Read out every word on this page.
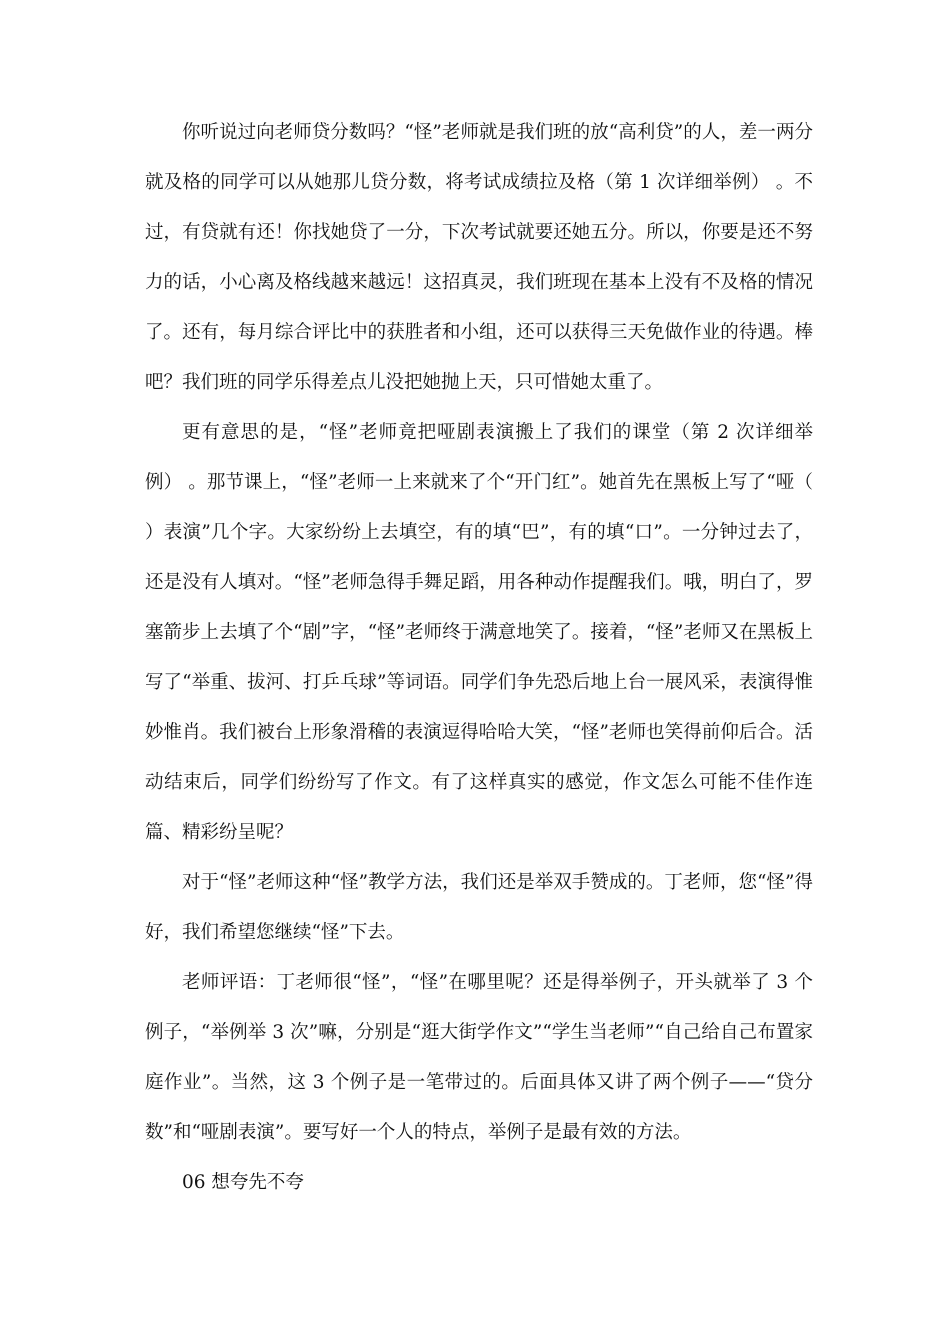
你听说过向老师贷分数吗？“怪”老师就是我们班的放“高利贷”的人，差一两分就及格的同学可以从她那儿贷分数，将考试成绩拉及格（第 1 次详细举例） 。不过，有贷就有还！你找她贷了一分，下次考试就要还她五分。所以，你要是还不努力的话，小心离及格线越来越远！这招真灵，我们班现在基本上没有不及格的情况了。还有，每月综合评比中的获胜者和小组，还可以获得三天免做作业的待遇。棒吧？我们班的同学乐得差点儿没把她抛上天，只可惜她太重了。

更有意思的是，“怪”老师竟把哑剧表演搬上了我们的课堂（第 2 次详细举例） 。那节课上，“怪”老师一上来就来了个“开门红”。她首先在黑板上写了“哑（ ）表演”几个字。大家纷纷上去填空，有的填“巴”，有的填“口”。一分钟过去了，还是没有人填对。“怪”老师急得手舞足蹈，用各种动作提醒我们。哦，明白了，罗塞箭步上去填了个“剧”字，“怪”老师终于满意地笑了。接着，“怪”老师又在黑板上写了“举重、拔河、打乒乓球”等词语。同学们争先恐后地上台一展风采，表演得惟妙惟肖。我们被台上形象滑稽的表演逗得哈哈大笑，“怪”老师也笑得前仰后合。活动结束后，同学们纷纷写了作文。有了这样真实的感觉，作文怎么可能不佳作连篇、精彩纷呈呢？

对于“怪”老师这种“怪”教学方法，我们还是举双手赞成的。丁老师，您“怪”得好，我们希望您继续“怪”下去。

老师评语：丁老师很“怪”，“怪”在哪里呢？还是得举例子，开头就举了 3 个例子，“举例举 3 次”嘛，分别是“逛大街学作文”“学生当老师”“自己给自己布置家庭作业”。当然，这 3 个例子是一笔带过的。后面具体又讲了两个例子——“贷分数”和“哑剧表演”。要写好一个人的特点，举例子是最有效的方法。

06 想夸先不夸
